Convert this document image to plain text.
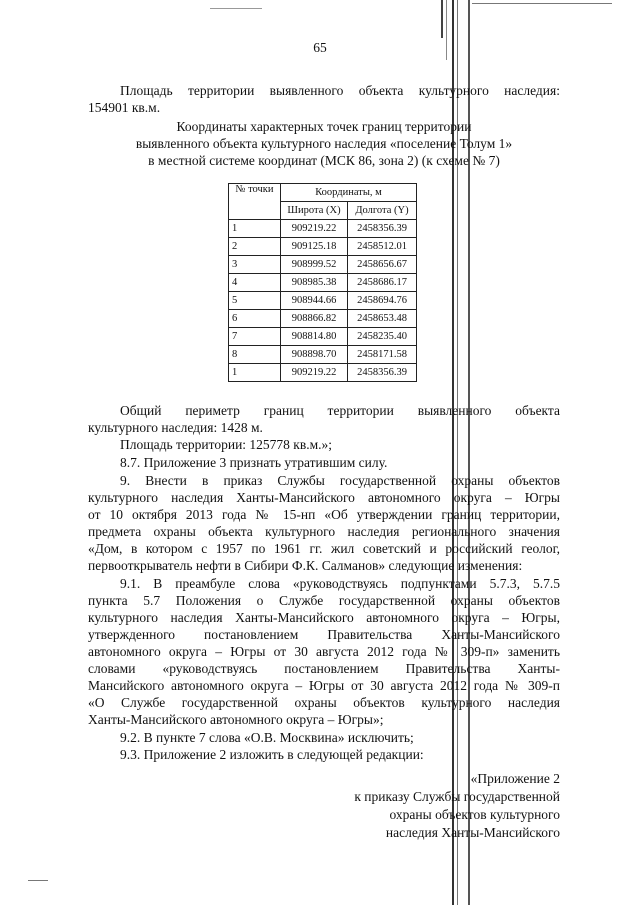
65
Площадь территории выявленного объекта культурного наследия:
154901 кв.м.
Координаты характерных точек границ территории
выявленного объекта культурного наследия «поселение Толум 1»
в местной системе координат (МСК 86, зона 2) (к схеме № 7)
№ точки	Координаты, м	
	Широта (X)	Долгота (Y)
1	909219.22	2458356.39
2	909125.18	2458512.01
3	908999.52	2458656.67
4	908985.38	2458686.17
5	908944.66	2458694.76
6	908866.82	2458653.48
7	908814.80	2458235.40
8	908898.70	2458171.58
1	909219.22	2458356.39
Общий периметр границ территории выявленного объекта
культурного наследия: 1428 м.
Площадь территории: 125778 кв.м.»;
8.7. Приложение 3 признать утратившим силу.
9. Внести в приказ Службы государственной охраны объектов
культурного наследия Ханты-Мансийского автономного округа – Югры
от 10 октября 2013 года № 15-нп «Об утверждении границ территории,
предмета охраны объекта культурного наследия регионального значения
«Дом, в котором с 1957 по 1961 гг. жил советский и российский геолог,
первооткрыватель нефти в Сибири Ф.К. Салманов» следующие изменения:
9.1. В преамбуле слова «руководствуясь подпунктами 5.7.3, 5.7.5
пункта 5.7 Положения о Службе государственной охраны объектов
культурного наследия Ханты-Мансийского автономного округа – Югры,
утвержденного постановлением Правительства Ханты-Мансийского
автономного округа – Югры от 30 августа 2012 года № 309-п» заменить
словами «руководствуясь постановлением Правительства Ханты-
Мансийского автономного округа – Югры от 30 августа 2012 года № 309-п
«О Службе государственной охраны объектов культурного наследия
Ханты-Мансийского автономного округа – Югры»;
9.2. В пункте 7 слова «О.В. Москвина» исключить;
9.3. Приложение 2 изложить в следующей редакции:
«Приложение 2
к приказу Службы государственной
охраны объектов культурного
наследия Ханты-Мансийского
